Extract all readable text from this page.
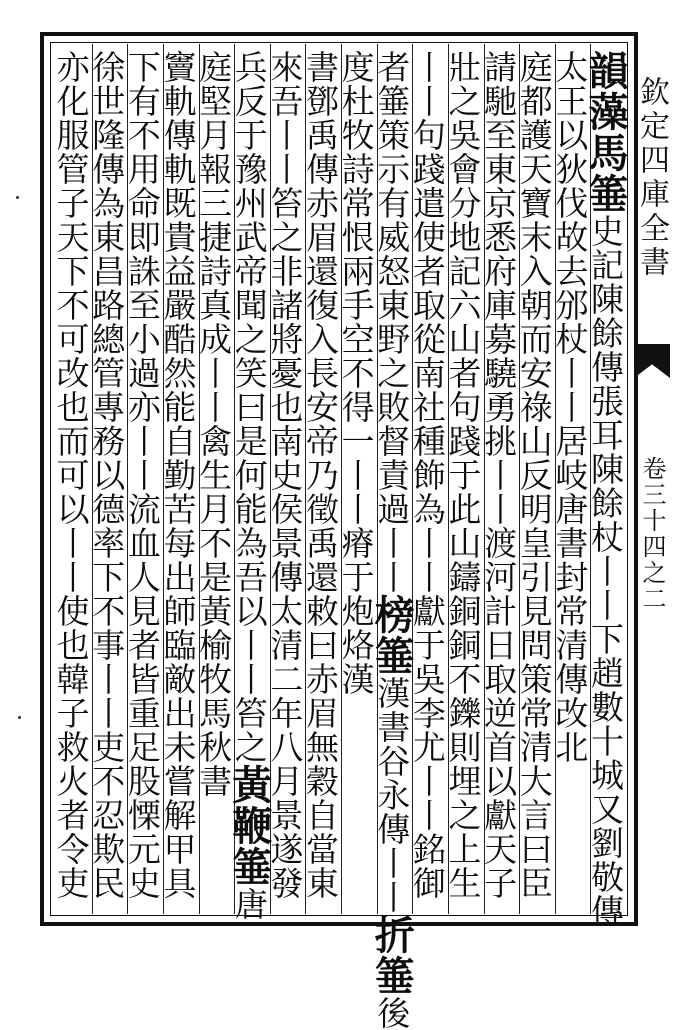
韻藻馬箠史記陳餘傳張耳陳餘杖丨丨下趙數十城又劉敬傳
太王以狄伐故去邠杖丨丨居岐唐書封常清傳改北
庭都護天寶末入朝而安祿山反明皇引見問策常清大言曰臣
請馳至東京悉府庫募驍勇挑丨丨渡河計日取逆首以獻天子
壯之吳會分地記六山者句踐于此山鑄銅銅不鑠則埋之上生
丨丨句踐遣使者取從南社種飾為丨丨獻于吳李尤丨丨銘御
者箠策示有威怒東野之敗督責過丨丨榜箠漢書谷永傳丨丨折箠後
度杜牧詩常恨兩手空不得一丨丨瘠于炮烙漢
書鄧禹傳赤眉還復入長安帝乃徵禹還敕曰赤眉無穀自當東
來吾丨丨笞之非諸將憂也南史侯景傳太清二年八月景遂發
兵反于豫州武帝聞之笑曰是何能為吾以丨丨笞之黃鞭箠唐
庭堅月報三捷詩真成丨丨禽生月不是黃榆牧馬秋書
竇軌傳軌既貴益嚴酷然能自勤苦每出師臨敵出未嘗解甲具
下有不用命即誅至小過亦丨丨流血人見者皆重足股慄元史
徐世隆傳為東昌路總管專務以德率下不事丨丨吏不忍欺民
亦化服管子天下不可改也而可以丨丨使也韓子救火者令吏	欽定四庫全書
卷三十四之二
